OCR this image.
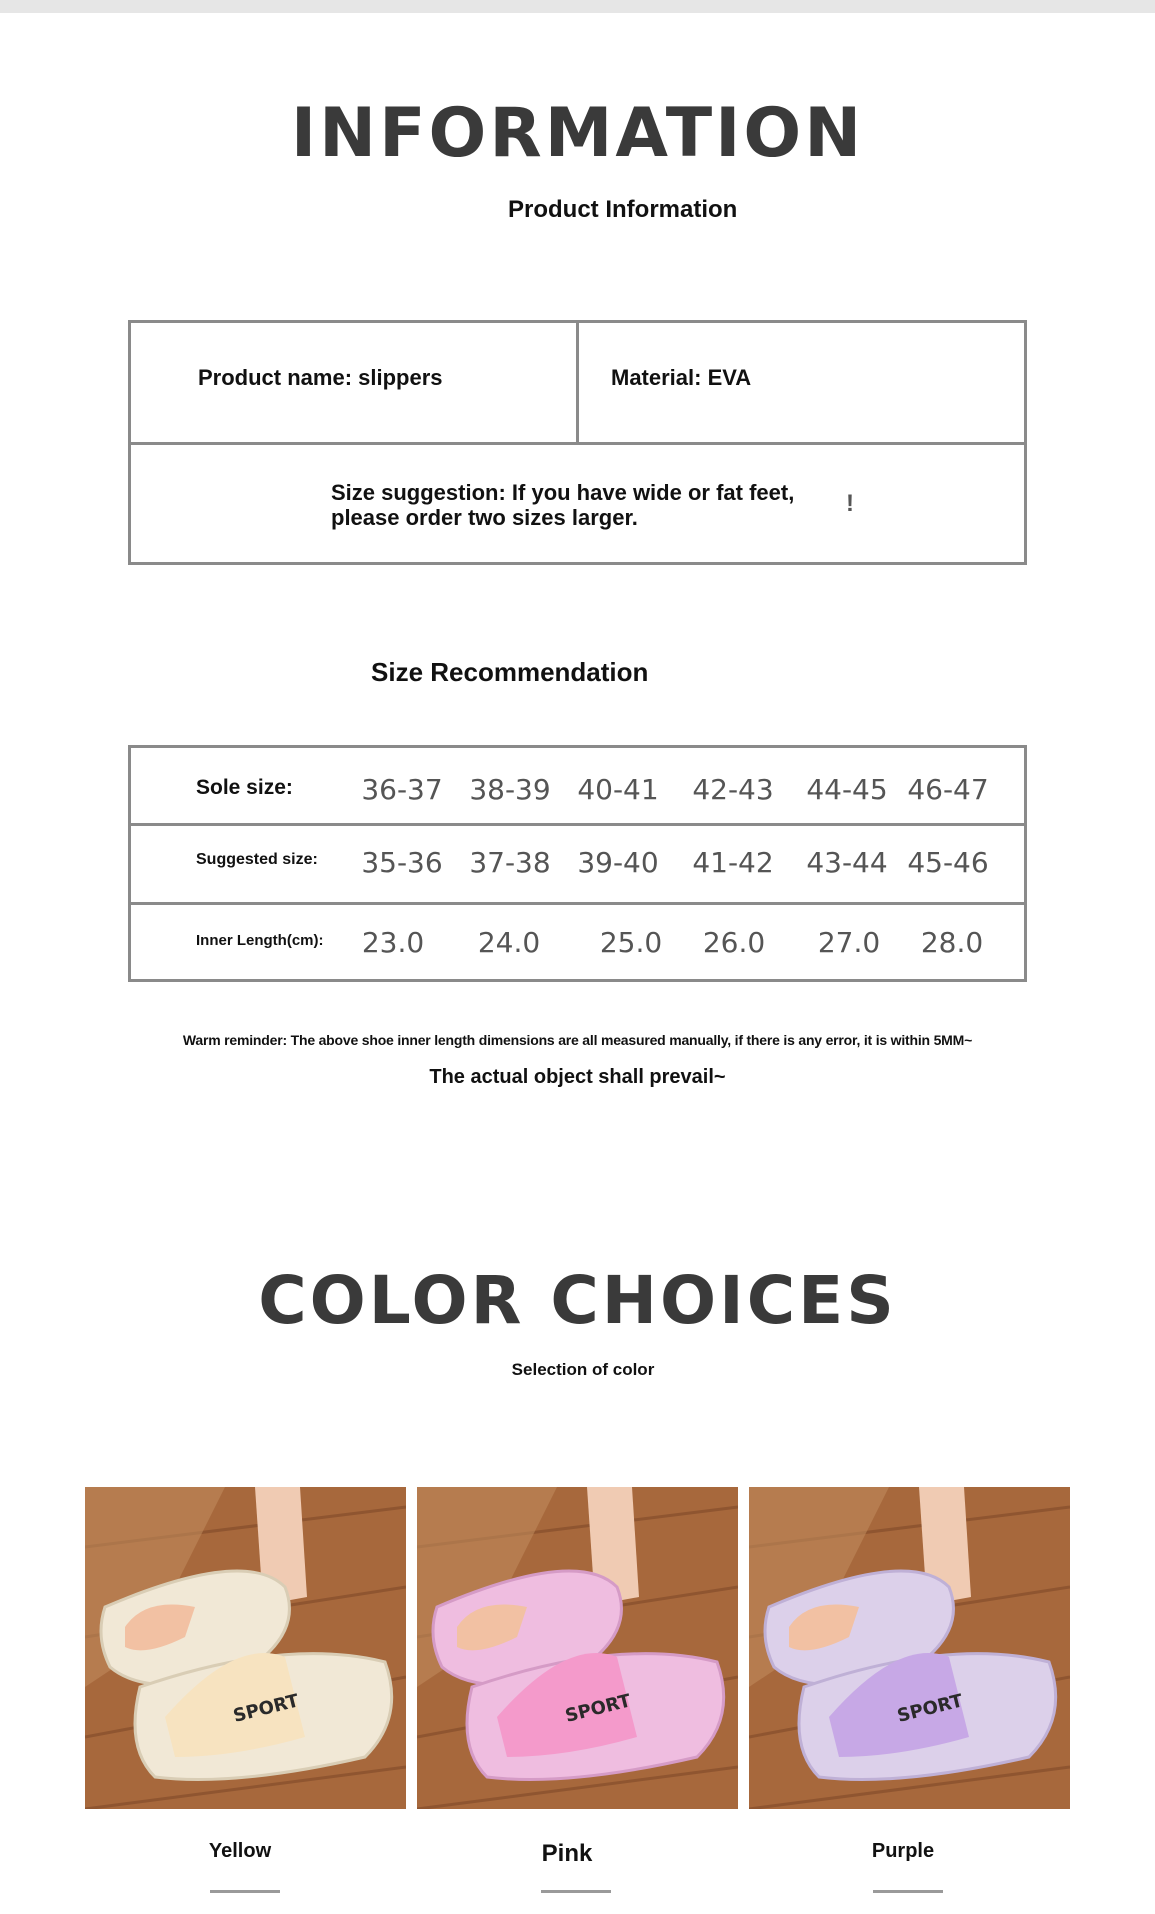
INFORMATION
Product Information
Product name: slippers	Material: EVA
Size suggestion: If you have wide or fat feet,
please order two sizes larger.
!
Size Recommendation
Sole size: 36-37 38-39 40-41 42-43 44-45 46-47
Suggested size: 35-36 37-38 39-40 41-42 43-44 45-46
Inner Length(cm): 23.0 24.0 25.0 26.0 27.0 28.0
Warm reminder: The above shoe inner length dimensions are all measured manually, if there is any error, it is within 5MM~
The actual object shall prevail~
COLOR CHOICES
Selection of color
SPORT	SPORT	SPORT
Yellow	Pink	Purple
